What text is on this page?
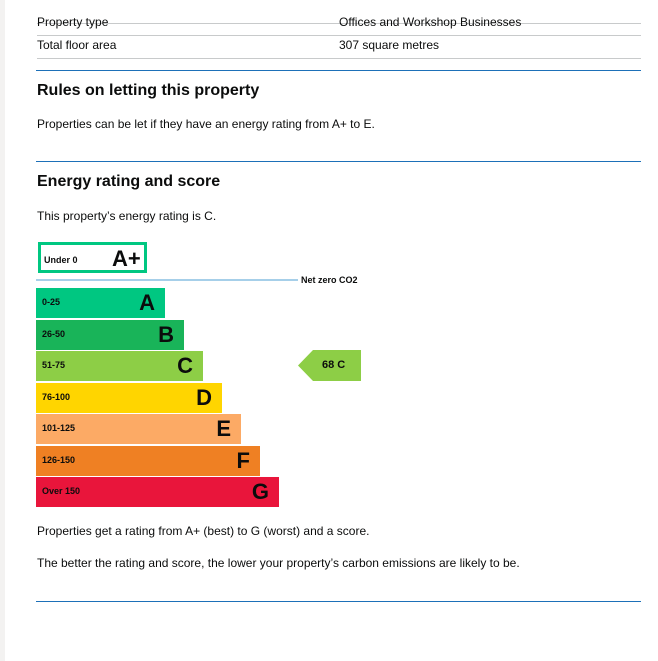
Property type	Offices and Workshop Businesses
Total floor area	307 square metres
Rules on letting this property

Properties can be let if they have an energy rating from A+ to E.

Energy rating and score

This property’s energy rating is C.

Under 0 A+
Net zero CO2
0-25	A
26-50	B
51-75	C
76-100	D
101-125	E
126-150	F
Over 150	G
68 C

Properties get a rating from A+ (best) to G (worst) and a score.

The better the rating and score, the lower your property’s carbon emissions are likely to be.
